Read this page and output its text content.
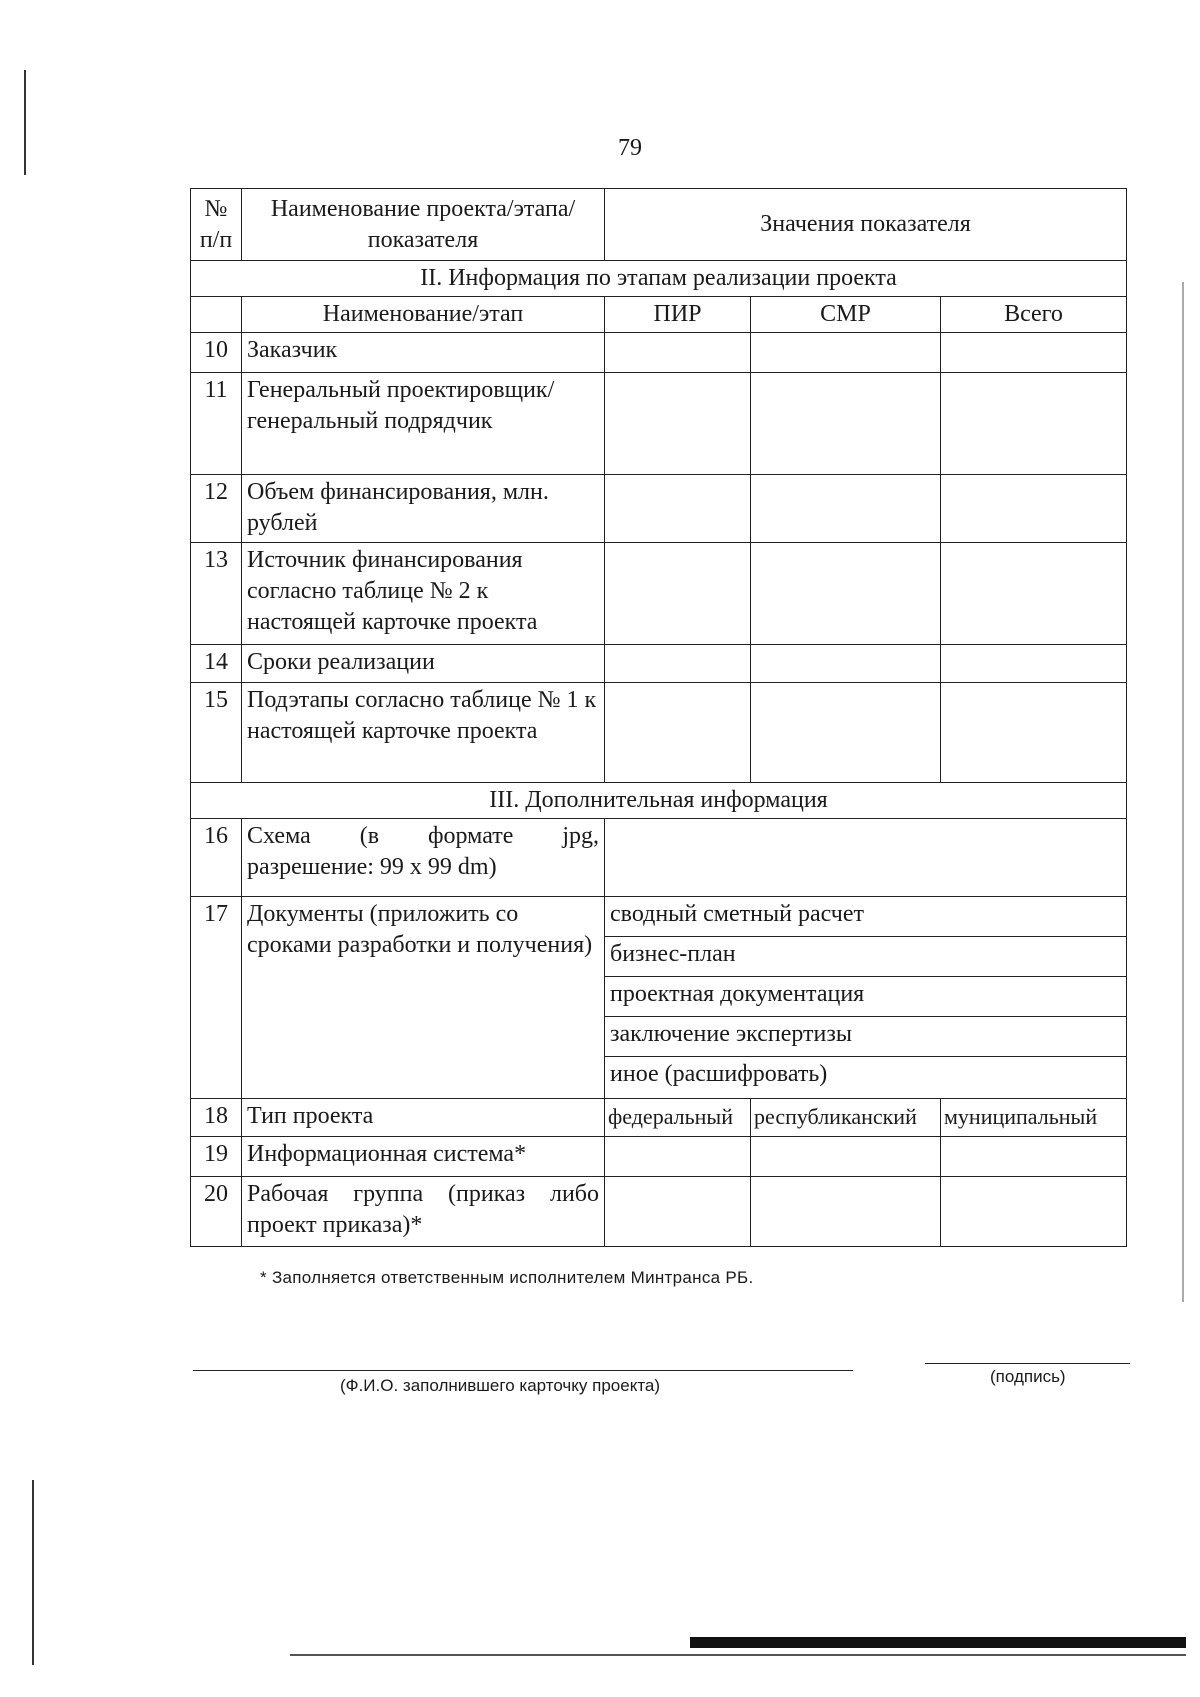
79
№ п/п	Наименование проекта/этапа/показателя	Значения показателя		
II. Информация по этапам реализации проекта				
	Наименование/этап	ПИР	СМР	Всего
10	Заказчик			
11	Генеральный проектировщик/генеральный подрядчик			
12	Объем финансирования, млн. рублей			
13	Источник финансирования согласно таблице № 2 к настоящей карточке проекта			
14	Сроки реализации			
15	Подэтапы согласно таблице № 1 к настоящей карточке проекта			
III. Дополнительная информация				
16	Схема (в формате jpg,
разрешение: 99 x 99 dm)			

17	Документы (приложить со сроками разработки и получения)	сводный сметный расчет		
		бизнес-план		
		проектная документация		
		заключение экспертизы		
		иное (расшифровать)		
18	Тип проекта	федеральный	республиканский	муниципальный
19	Информационная система*			
20	Рабочая группа (приказ либо
проект приказа)*			

* Заполняется ответственным исполнителем Минтранса РБ.
(Ф.И.О. заполнившего карточку проекта)	(подпись)
